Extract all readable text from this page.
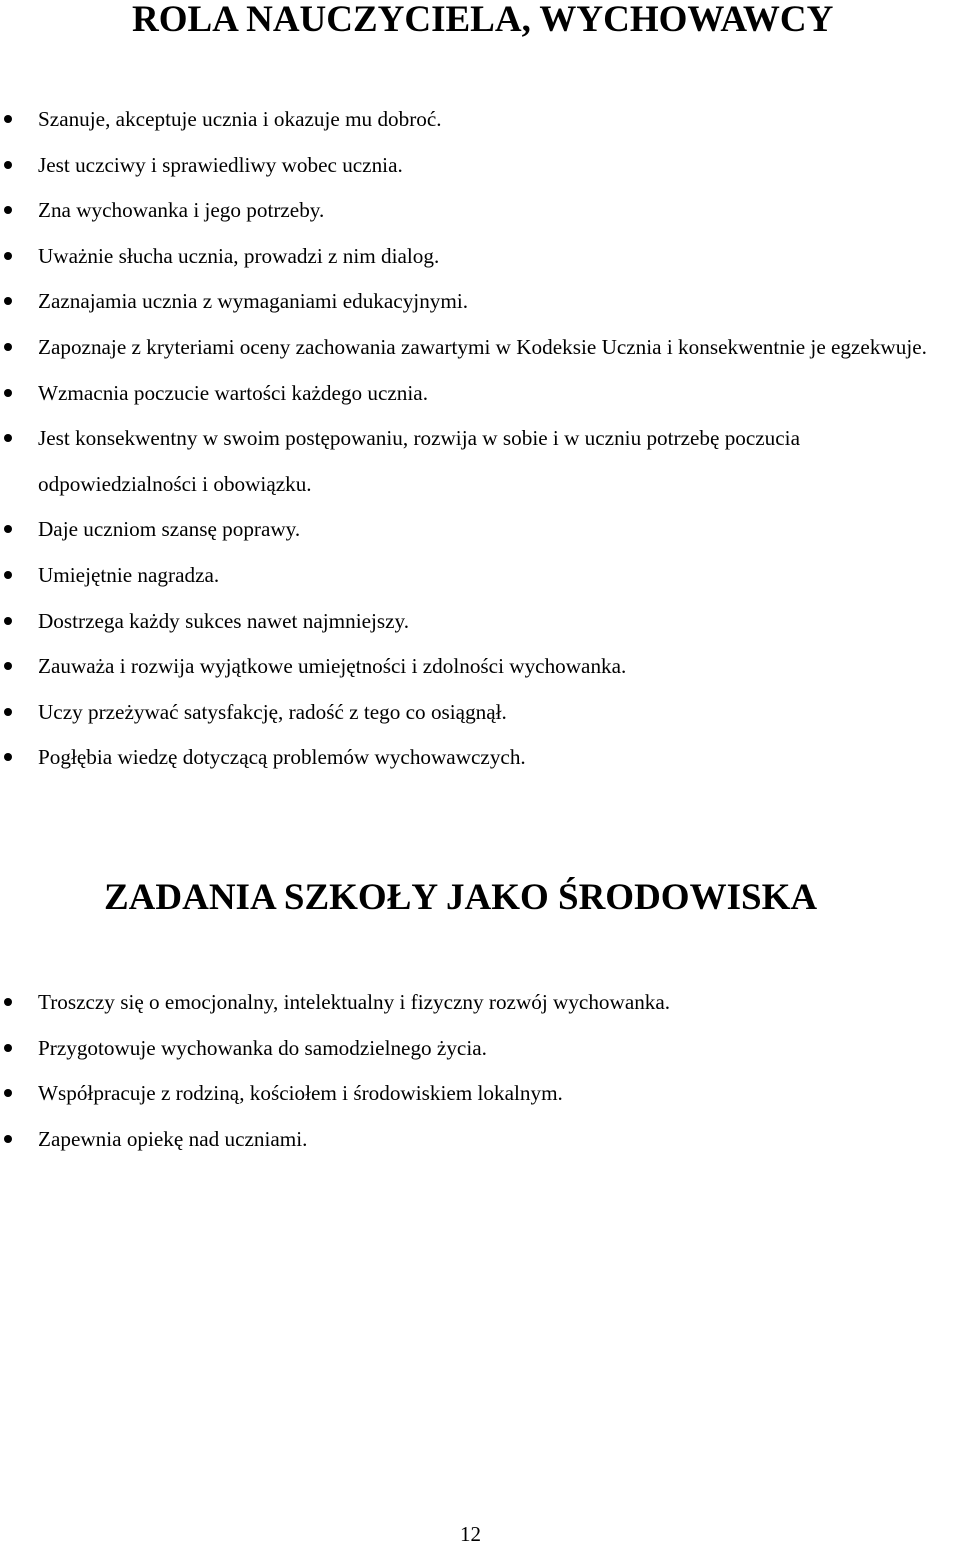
ROLA NAUCZYCIELA, WYCHOWAWCY
Szanuje, akceptuje ucznia i okazuje mu dobroć.
Jest uczciwy i sprawiedliwy wobec ucznia.
Zna wychowanka i jego potrzeby.
Uważnie słucha ucznia, prowadzi z nim dialog.
Zaznajamia ucznia z wymaganiami edukacyjnymi.
Zapoznaje z kryteriami oceny zachowania zawartymi w Kodeksie Ucznia i konsekwentnie je egzekwuje.
Wzmacnia poczucie wartości każdego ucznia.
Jest konsekwentny w swoim postępowaniu, rozwija w sobie i w uczniu potrzebę poczucia odpowiedzialności i obowiązku.
Daje uczniom szansę poprawy.
Umiejętnie nagradza.
Dostrzega każdy sukces nawet najmniejszy.
Zauważa i rozwija wyjątkowe umiejętności i zdolności wychowanka.
Uczy przeżywać satysfakcję, radość z tego co osiągnął.
Pogłębia wiedzę dotyczącą problemów wychowawczych.
ZADANIA SZKOŁY JAKO ŚRODOWISKA
Troszczy się o emocjonalny, intelektualny i fizyczny rozwój wychowanka.
Przygotowuje wychowanka do samodzielnego życia.
Współpracuje z rodziną, kościołem i środowiskiem lokalnym.
Zapewnia opiekę nad uczniami.
12
